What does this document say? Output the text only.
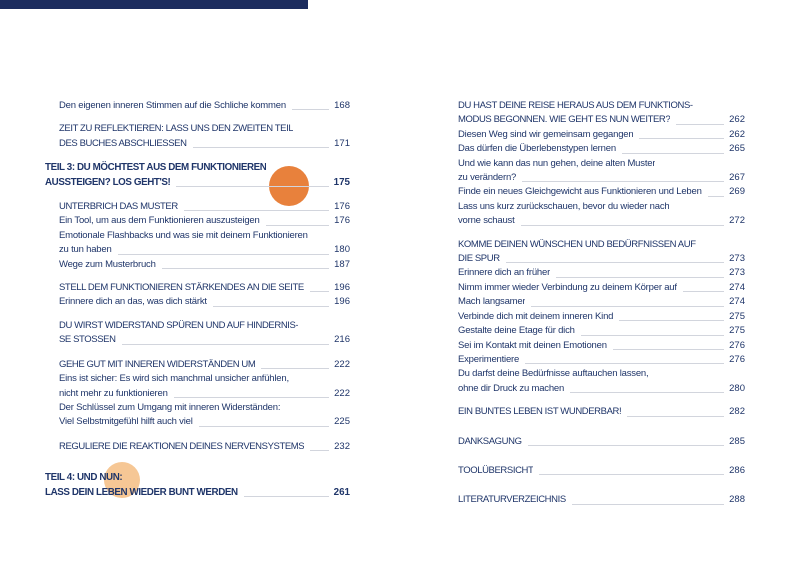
Den eigenen inneren Stimmen auf die Schliche kommen	168
ZEIT ZU REFLEKTIEREN: LASS UNS DEN ZWEITEN TEIL
DES BUCHES ABSCHLIESSEN	171
TEIL 3: DU MÖCHTEST AUS DEM FUNKTIONIEREN
AUSSTEIGEN? LOS GEHT'S!	175
UNTERBRICH DAS MUSTER	176
Ein Tool, um aus dem Funktionieren auszusteigen	176
Emotionale Flashbacks und was sie mit deinem Funktionieren
zu tun haben	180
Wege zum Musterbruch	187
STELL DEM FUNKTIONIEREN STÄRKENDES AN DIE SEITE	196
Erinnere dich an das, was dich stärkt	196
DU WIRST WIDERSTAND SPÜREN UND AUF HINDERNIS-
SE STOSSEN	216
GEHE GUT MIT INNEREN WIDERSTÄNDEN UM	222
Eins ist sicher: Es wird sich manchmal unsicher anfühlen,
nicht mehr zu funktionieren	222
Der Schlüssel zum Umgang mit inneren Widerständen:
Viel Selbstmitgefühl hilft auch viel	225
REGULIERE DIE REAKTIONEN DEINES NERVENSYSTEMS	232
TEIL 4: UND NUN:
LASS DEIN LEBEN WIEDER BUNT WERDEN	261
DU HAST DEINE REISE HERAUS AUS DEM FUNKTIONS-
MODUS BEGONNEN. WIE GEHT ES NUN WEITER?	262
Diesen Weg sind wir gemeinsam gegangen	262
Das dürfen die Überlebenstypen lernen	265
Und wie kann das nun gehen, deine alten Muster
zu verändern?	267
Finde ein neues Gleichgewicht aus Funktionieren und Leben	269
Lass uns kurz zurückschauen, bevor du wieder nach
vorne schaust	272
KOMME DEINEN WÜNSCHEN UND BEDÜRFNISSEN AUF
DIE SPUR	273
Erinnere dich an früher	273
Nimm immer wieder Verbindung zu deinem Körper auf	274
Mach langsamer	274
Verbinde dich mit deinem inneren Kind	275
Gestalte deine Etage für dich	275
Sei im Kontakt mit deinen Emotionen	276
Experimentiere	276
Du darfst deine Bedürfnisse auftauchen lassen,
ohne dir Druck zu machen	280
EIN BUNTES LEBEN IST WUNDERBAR!	282
DANKSAGUNG	285
TOOLÜBERSICHT	286
LITERATURVERZEICHNIS	288
